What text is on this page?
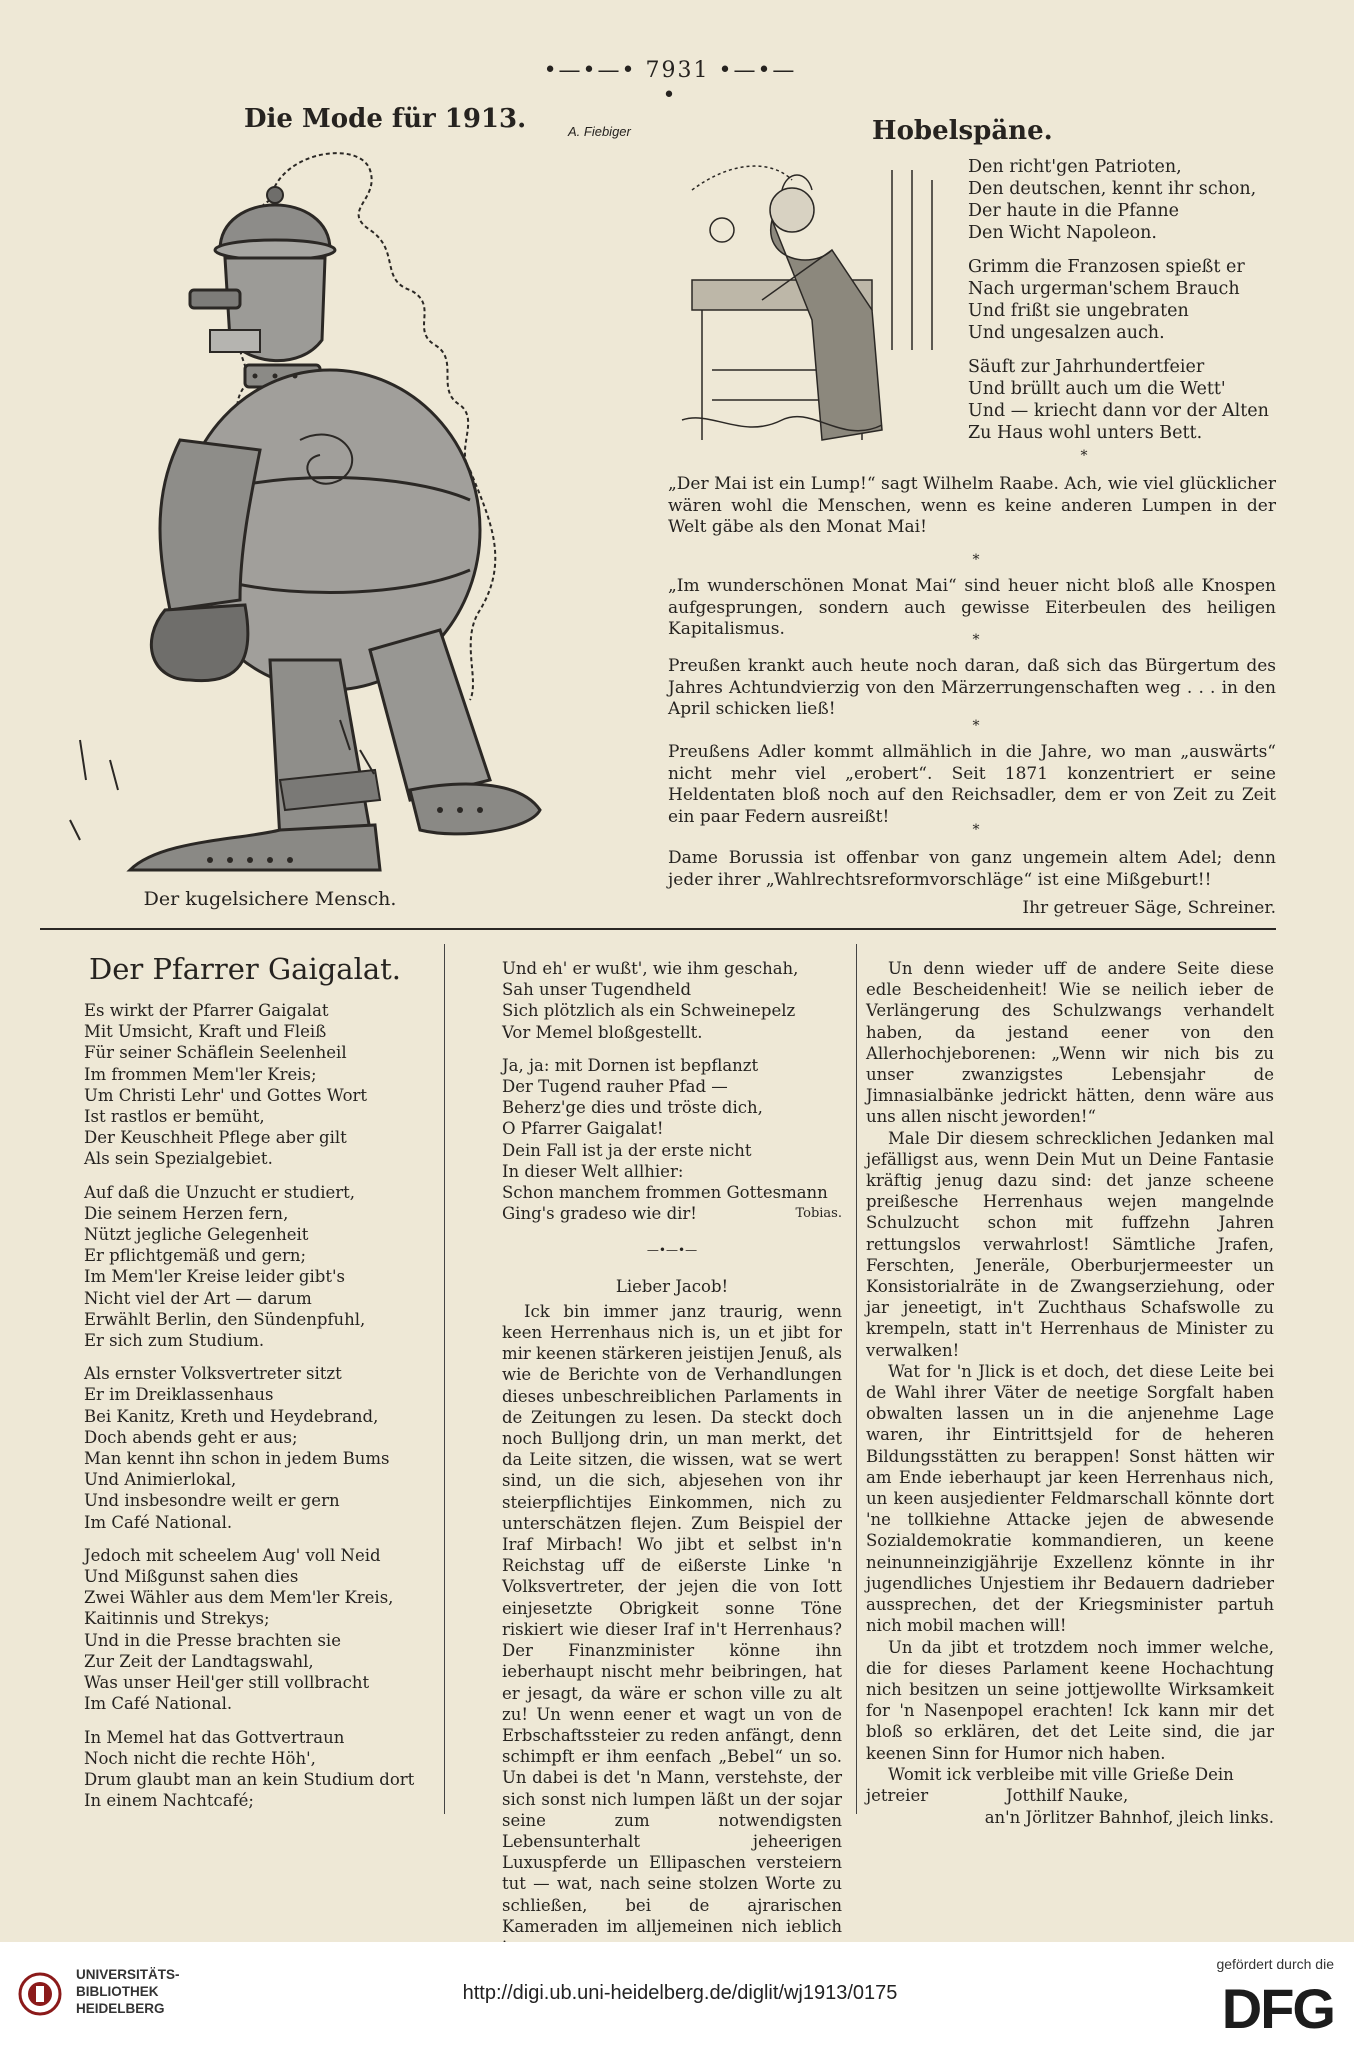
•—•—• 7931 •—•—•
Die Mode für 1913.	A. Fiebiger
Der kugelsichere Mensch.
Hobelspäne.
Den richt'gen Patrioten,
Den deutschen, kennt ihr schon,
Der haute in die Pfanne
Den Wicht Napoleon.
Grimm die Franzosen spießt er
Nach urgerman'schem Brauch
Und frißt sie ungebraten
Und ungesalzen auch.
Säuft zur Jahrhundertfeier
Und brüllt auch um die Wett'
Und — kriecht dann vor der Alten
Zu Haus wohl unters Bett.
*
„Der Mai ist ein Lump!“ sagt Wilhelm Raabe. Ach, wie viel glücklicher wären wohl die Menschen, wenn es keine anderen Lumpen in der Welt gäbe als den Monat Mai!
*
„Im wunderschönen Monat Mai“ sind heuer nicht bloß alle Knospen aufgesprungen, sondern auch gewisse Eiterbeulen des heiligen Kapitalismus.
*
Preußen krankt auch heute noch daran, daß sich das Bürgertum des Jahres Achtundvierzig von den Märzerrungenschaften weg . . . in den April schicken ließ!
*
Preußens Adler kommt allmählich in die Jahre, wo man „auswärts“ nicht mehr viel „erobert“. Seit 1871 konzentriert er seine Heldentaten bloß noch auf den Reichsadler, dem er von Zeit zu Zeit ein paar Federn ausreißt!
*
Dame Borussia ist offenbar von ganz ungemein altem Adel; denn jeder ihrer „Wahlrechtsreformvorschläge“ ist eine Mißgeburt!!
Ihr getreuer Säge, Schreiner.
Der Pfarrer Gaigalat.
Es wirkt der Pfarrer Gaigalat
Mit Umsicht, Kraft und Fleiß
Für seiner Schäflein Seelenheil
Im frommen Mem'ler Kreis;
Um Christi Lehr' und Gottes Wort
Ist rastlos er bemüht,
Der Keuschheit Pflege aber gilt
Als sein Spezialgebiet.
Auf daß die Unzucht er studiert,
Die seinem Herzen fern,
Nützt jegliche Gelegenheit
Er pflichtgemäß und gern;
Im Mem'ler Kreise leider gibt's
Nicht viel der Art — darum
Erwählt Berlin, den Sündenpfuhl,
Er sich zum Studium.
Als ernster Volksvertreter sitzt
Er im Dreiklassenhaus
Bei Kanitz, Kreth und Heydebrand,
Doch abends geht er aus;
Man kennt ihn schon in jedem Bums
Und Animierlokal,
Und insbesondre weilt er gern
Im Café National.
Jedoch mit scheelem Aug' voll Neid
Und Mißgunst sahen dies
Zwei Wähler aus dem Mem'ler Kreis,
Kaitinnis und Strekys;
Und in die Presse brachten sie
Zur Zeit der Landtagswahl,
Was unser Heil'ger still vollbracht
Im Café National.
In Memel hat das Gottvertraun
Noch nicht die rechte Höh',
Drum glaubt man an kein Studium dort
In einem Nachtcafé;
Und eh' er wußt', wie ihm geschah,
Sah unser Tugendheld
Sich plötzlich als ein Schweinepelz
Vor Memel bloßgestellt.
Ja, ja: mit Dornen ist bepflanzt
Der Tugend rauher Pfad —
Beherz'ge dies und tröste dich,
O Pfarrer Gaigalat!
Dein Fall ist ja der erste nicht
In dieser Welt allhier:
Schon manchem frommen Gottesmann
Ging's gradeso wie dir!	Tobias.
—•—•—
Lieber Jacob!

Ick bin immer janz traurig, wenn keen Herrenhaus nich is, un et jibt for mir keenen stärkeren jeistijen Jenuß, als wie de Berichte von de Verhandlungen dieses unbeschreiblichen Parlaments in de Zeitungen zu lesen. Da steckt doch noch Bulljong drin, un man merkt, det da Leite sitzen, die wissen, wat se wert sind, un die sich, abjesehen von ihr steierpflichtijes Einkommen, nich zu unterschätzen flejen. Zum Beispiel der Iraf Mirbach! Wo jibt et selbst in'n Reichstag uff de eißerste Linke 'n Volksvertreter, der jejen die von Iott einjesetzte Obrigkeit sonne Töne riskiert wie dieser Iraf in't Herrenhaus? Der Finanzminister könne ihn ieberhaupt nischt mehr beibringen, hat er jesagt, da wäre er schon ville zu alt zu! Un wenn eener et wagt un von de Erbschaftssteier zu reden anfängt, denn schimpft er ihm eenfach „Bebel“ un so. Un dabei is det 'n Mann, verstehste, der sich sonst nich lumpen läßt un der sojar seine zum notwendigsten Lebensunterhalt jeheerigen Luxuspferde un Ellipaschen versteiern tut — wat, nach seine stolzen Worte zu schließen, bei de ajrarischen Kameraden im alljemeinen nich ieblich

Un denn wieder uff de andere Seite diese edle Bescheidenheit! Wie se neilich ieber de Verlängerung des Schulzwangs verhandelt haben, da jestand eener von den Allerhochjeborenen: „Wenn wir nich bis zu unser zwanzigstes Lebensjahr de Jimnasialbänke jedrickt hätten, denn wäre aus uns allen nischt jeworden!“

Male Dir diesem schrecklichen Jedanken mal jefälligst aus, wenn Dein Mut un Deine Fantasie kräftig jenug dazu sind: det janze scheene preißesche Herrenhaus wejen mangelnde Schulzucht schon mit fuffzehn Jahren rettungslos verwahrlost! Sämtliche Jrafen, Ferschten, Jeneräle, Oberburjermeester un Konsistorialräte in de Zwangserziehung, oder jar jeneetigt, in't Zuchthaus Schafswolle zu krempeln, statt in't Herrenhaus de Minister zu verwalken!

Wat for 'n Jlick is et doch, det diese Leite bei de Wahl ihrer Väter de neetige Sorgfalt haben obwalten lassen un in die anjenehme Lage waren, ihr Eintrittsjeld for de heheren Bildungsstätten zu berappen! Sonst hätten wir am Ende ieberhaupt jar keen Herrenhaus nich, un keen ausjedienter Feldmarschall könnte dort 'ne tollkiehne Attacke jejen de abwesende Sozialdemokratie kommandieren, un keene neinunneinzigjährije Exzellenz könnte in ihr jugendliches Unjestiem ihr Bedauern dadrieber aussprechen, det der Kriegsminister partuh nich mobil machen will!

Un da jibt et trotzdem noch immer welche, die for dieses Parlament keene Hochachtung nich besitzen un seine jottjewollte Wirksamkeit for 'n Nasenpopel erachten! Ick kann mir det bloß so erklären, det det Leite sind, die jar keenen Sinn for Humor nich haben.

Womit ick verbleibe mit ville Grieße Dein

jetreier	Jotthilf Nauke,
an'n Jörlitzer Bahnhof, jleich links.
UNIVERSITÄTS-
BIBLIOTHEK
HEIDELBERG
http://digi.ub.uni-heidelberg.de/diglit/wj1913/0175
gefördert durch die
DFG
